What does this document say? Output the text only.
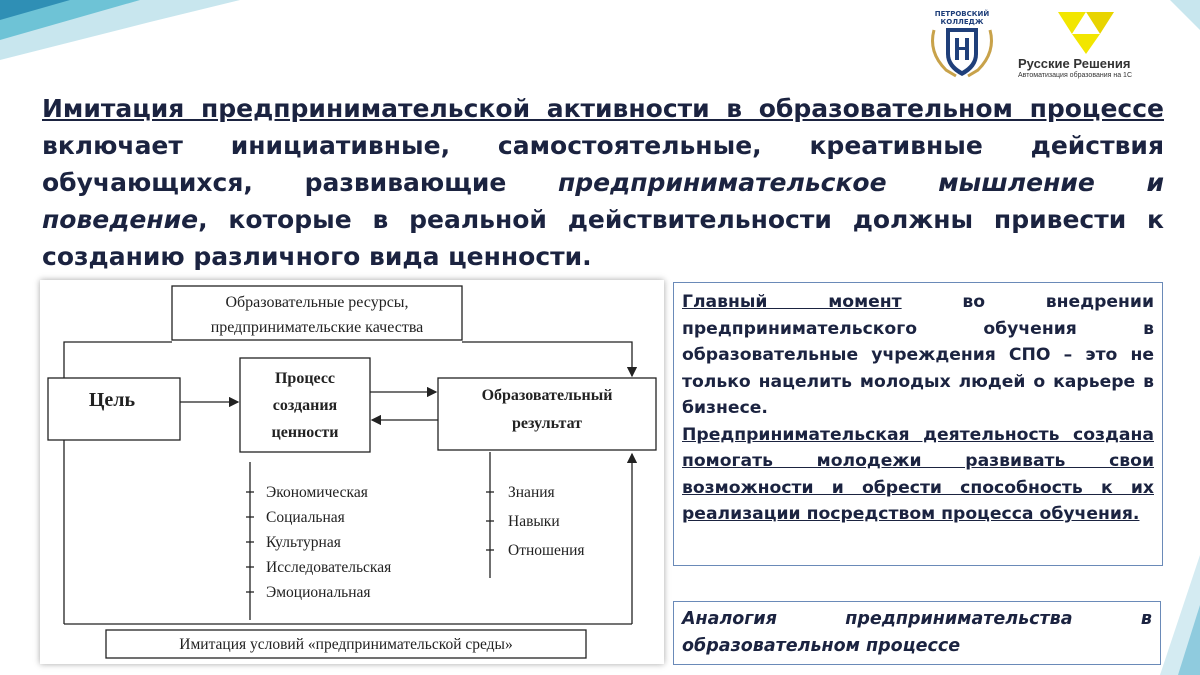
ПЕТРОВСКИЙ
КОЛЛЕДЖ
Русские Решения
Автоматизация образования на 1С
Имитация предпринимательской активности в образовательном процессе включает инициативные, самостоятельные, креативные действия обучающихся, развивающие предпринимательское мышление и поведение, которые в реальной действительности должны привести к созданию различного вида ценности.
Образовательные ресурсы,
предпринимательские качества
Цель
Процесс
создания
ценности
Образовательный
результат
Экономическая
Социальная
Культурная
Исследовательская
Эмоциональная
Знания
Навыки
Отношения
Имитация условий «предпринимательской среды»

Главный момент во внедрении предпринимательского обучения в образовательные учреждения СПО – это не только нацелить молодых людей о карьере в бизнесе.

Предпринимательская деятельность создана помогать молодежи развивать свои возможности и обрести способность к их реализации посредством процесса обучения.

Аналогия предпринимательства в образовательном процессе
